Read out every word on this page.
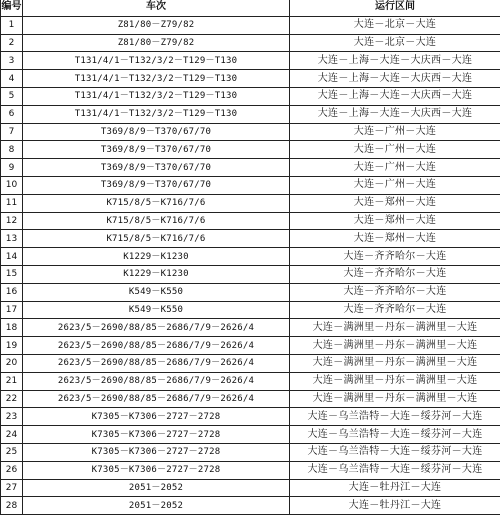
编号	车次	运行区间
1	Z81/80－Z79/82	大连－北京－大连
2	Z81/80－Z79/82	大连－北京－大连
3	T131/4/1－T132/3/2－T129－T130	大连－上海－大连－大庆西－大连
4	T131/4/1－T132/3/2－T129－T130	大连－上海－大连－大庆西－大连
5	T131/4/1－T132/3/2－T129－T130	大连－上海－大连－大庆西－大连
6	T131/4/1－T132/3/2－T129－T130	大连－上海－大连－大庆西－大连
7	T369/8/9－T370/67/70	大连－广州－大连
8	T369/8/9－T370/67/70	大连－广州－大连
9	T369/8/9－T370/67/70	大连－广州－大连
10	T369/8/9－T370/67/70	大连－广州－大连
11	K715/8/5－K716/7/6	大连－郑州－大连
12	K715/8/5－K716/7/6	大连－郑州－大连
13	K715/8/5－K716/7/6	大连－郑州－大连
14	K1229－K1230	大连－齐齐哈尔－大连
15	K1229－K1230	大连－齐齐哈尔－大连
16	K549－K550	大连－齐齐哈尔－大连
17	K549－K550	大连－齐齐哈尔－大连
18	2623/5－2690/88/85－2686/7/9－2626/4	大连－满洲里－丹东－满洲里－大连
19	2623/5－2690/88/85－2686/7/9－2626/4	大连－满洲里－丹东－满洲里－大连
20	2623/5－2690/88/85－2686/7/9－2626/4	大连－满洲里－丹东－满洲里－大连
21	2623/5－2690/88/85－2686/7/9－2626/4	大连－满洲里－丹东－满洲里－大连
22	2623/5－2690/88/85－2686/7/9－2626/4	大连－满洲里－丹东－满洲里－大连
23	K7305－K7306－2727－2728	大连－乌兰浩特－大连－绥芬河－大连
24	K7305－K7306－2727－2728	大连－乌兰浩特－大连－绥芬河－大连
25	K7305－K7306－2727－2728	大连－乌兰浩特－大连－绥芬河－大连
26	K7305－K7306－2727－2728	大连－乌兰浩特－大连－绥芬河－大连
27	2051－2052	大连－牡丹江－大连
28	2051－2052	大连－牡丹江－大连
